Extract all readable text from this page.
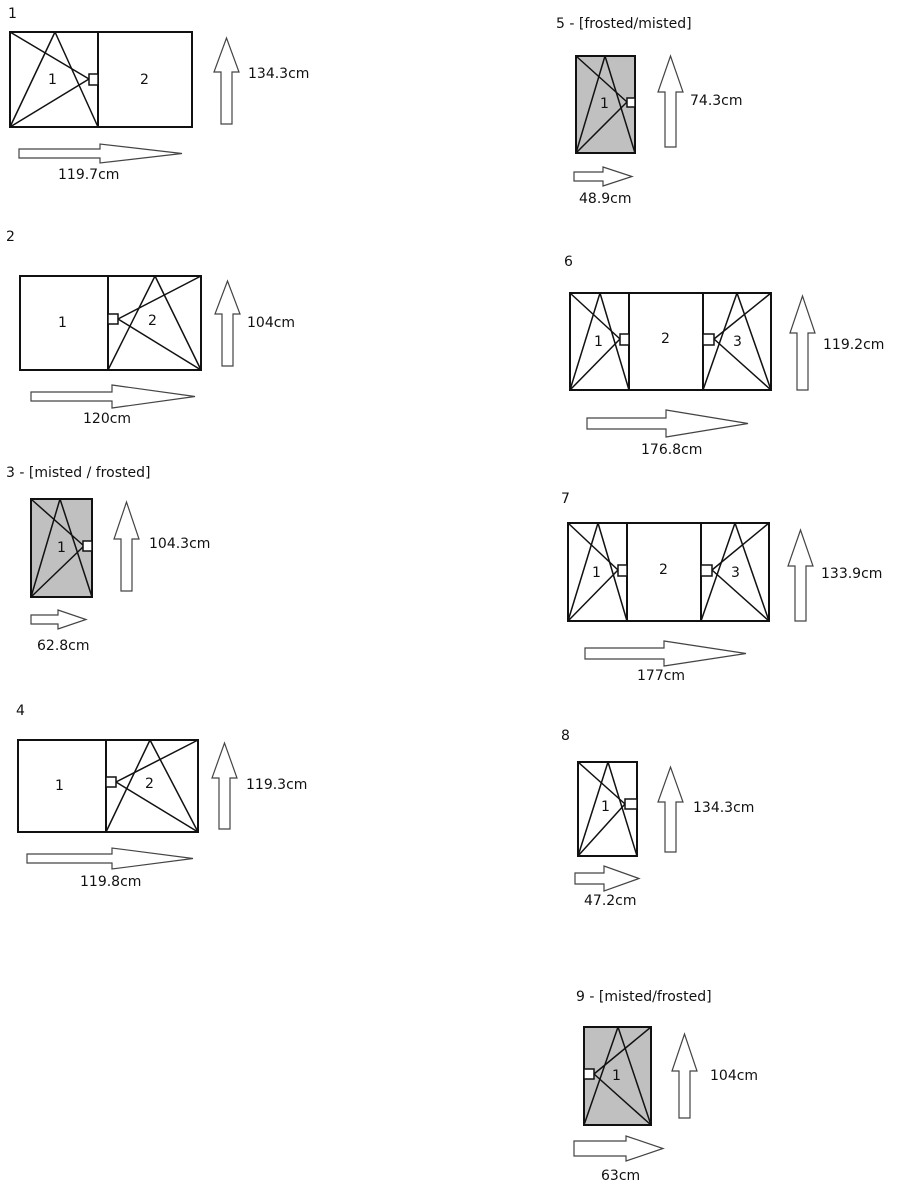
1
1	2
2
1	2
3 - [misted / frosted]
1
4
1	2
5 - [frosted/misted]
1
6
1	2	3
7
1	2	3
8
1
9 - [misted/frosted]
1
134.3cm
119.7cm
104cm
120cm
104.3cm
62.8cm
119.3cm
119.8cm
74.3cm
48.9cm
119.2cm
176.8cm
133.9cm
177cm
134.3cm
47.2cm
104cm
63cm
